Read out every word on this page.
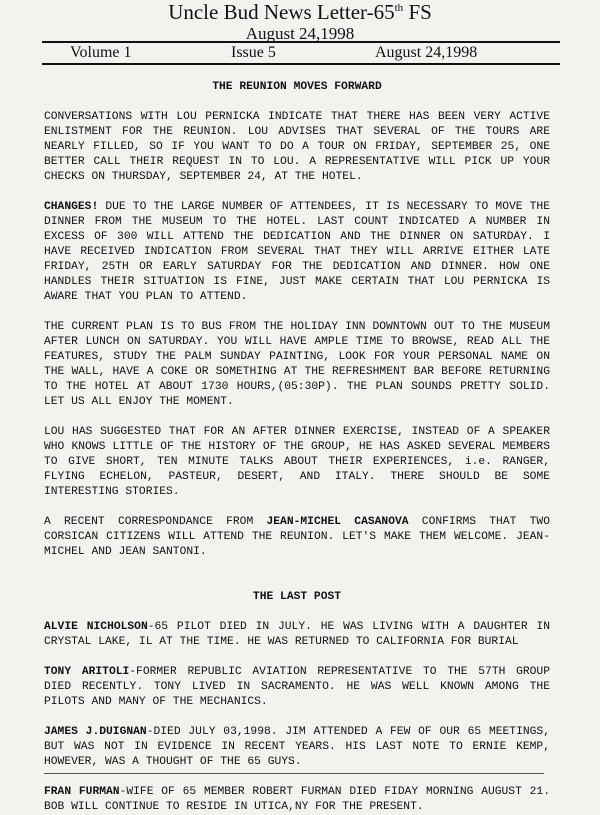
Uncle Bud News Letter-65th FS
August 24,1998
Volume 1	Issue 5	August 24,1998
THE REUNION MOVES FORWARD

CONVERSATIONS WITH LOU PERNICKA INDICATE THAT THERE HAS BEEN VERY ACTIVE ENLISTMENT FOR THE REUNION. LOU ADVISES THAT SEVERAL OF THE TOURS ARE NEARLY FILLED, SO IF YOU WANT TO DO A TOUR ON FRIDAY, SEPTEMBER 25, ONE BETTER CALL THEIR REQUEST IN TO LOU. A REPRESENTATIVE WILL PICK UP YOUR CHECKS ON THURSDAY, SEPTEMBER 24, AT THE HOTEL.

CHANGES! DUE TO THE LARGE NUMBER OF ATTENDEES, IT IS NECESSARY TO MOVE THE DINNER FROM THE MUSEUM TO THE HOTEL. LAST COUNT INDICATED A NUMBER IN EXCESS OF 300 WILL ATTEND THE DEDICATION AND THE DINNER ON SATURDAY. I HAVE RECEIVED INDICATION FROM SEVERAL THAT THEY WILL ARRIVE EITHER LATE FRIDAY, 25TH OR EARLY SATURDAY FOR THE DEDICATION AND DINNER. HOW ONE HANDLES THEIR SITUATION IS FINE, JUST MAKE CERTAIN THAT LOU PERNICKA IS AWARE THAT YOU PLAN TO ATTEND.

THE CURRENT PLAN IS TO BUS FROM THE HOLIDAY INN DOWNTOWN OUT TO THE MUSEUM AFTER LUNCH ON SATURDAY. YOU WILL HAVE AMPLE TIME TO BROWSE, READ ALL THE FEATURES, STUDY THE PALM SUNDAY PAINTING, LOOK FOR YOUR PERSONAL NAME ON THE WALL, HAVE A COKE OR SOMETHING AT THE REFRESHMENT BAR BEFORE RETURNING TO THE HOTEL AT ABOUT 1730 HOURS,(05:30P). THE PLAN SOUNDS PRETTY SOLID. LET US ALL ENJOY THE MOMENT.

LOU HAS SUGGESTED THAT FOR AN AFTER DINNER EXERCISE, INSTEAD OF A SPEAKER WHO KNOWS LITTLE OF THE HISTORY OF THE GROUP, HE HAS ASKED SEVERAL MEMBERS TO GIVE SHORT, TEN MINUTE TALKS ABOUT THEIR EXPERIENCES, i.e. RANGER, FLYING ECHELON, PASTEUR, DESERT, AND ITALY. THERE SHOULD BE SOME INTERESTING STORIES.

A RECENT CORRESPONDANCE FROM JEAN-MICHEL CASANOVA CONFIRMS THAT TWO CORSICAN CITIZENS WILL ATTEND THE REUNION. LET'S MAKE THEM WELCOME. JEAN-MICHEL AND JEAN SANTONI.

THE LAST POST

ALVIE NICHOLSON-65 PILOT DIED IN JULY. HE WAS LIVING WITH A DAUGHTER IN CRYSTAL LAKE, IL AT THE TIME. HE WAS RETURNED TO CALIFORNIA FOR BURIAL

TONY ARITOLI-FORMER REPUBLIC AVIATION REPRESENTATIVE TO THE 57TH GROUP DIED RECENTLY. TONY LIVED IN SACRAMENTO. HE WAS WELL KNOWN AMONG THE PILOTS AND MANY OF THE MECHANICS.

JAMES J.DUIGNAN-DIED JULY 03,1998. JIM ATTENDED A FEW OF OUR 65 MEETINGS, BUT WAS NOT IN EVIDENCE IN RECENT YEARS. HIS LAST NOTE TO ERNIE KEMP, HOWEVER, WAS A THOUGHT OF THE 65 GUYS.

FRAN FURMAN-WIFE OF 65 MEMBER ROBERT FURMAN DIED FIDAY MORNING AUGUST 21. BOB WILL CONTINUE TO RESIDE IN UTICA,NY FOR THE PRESENT.
